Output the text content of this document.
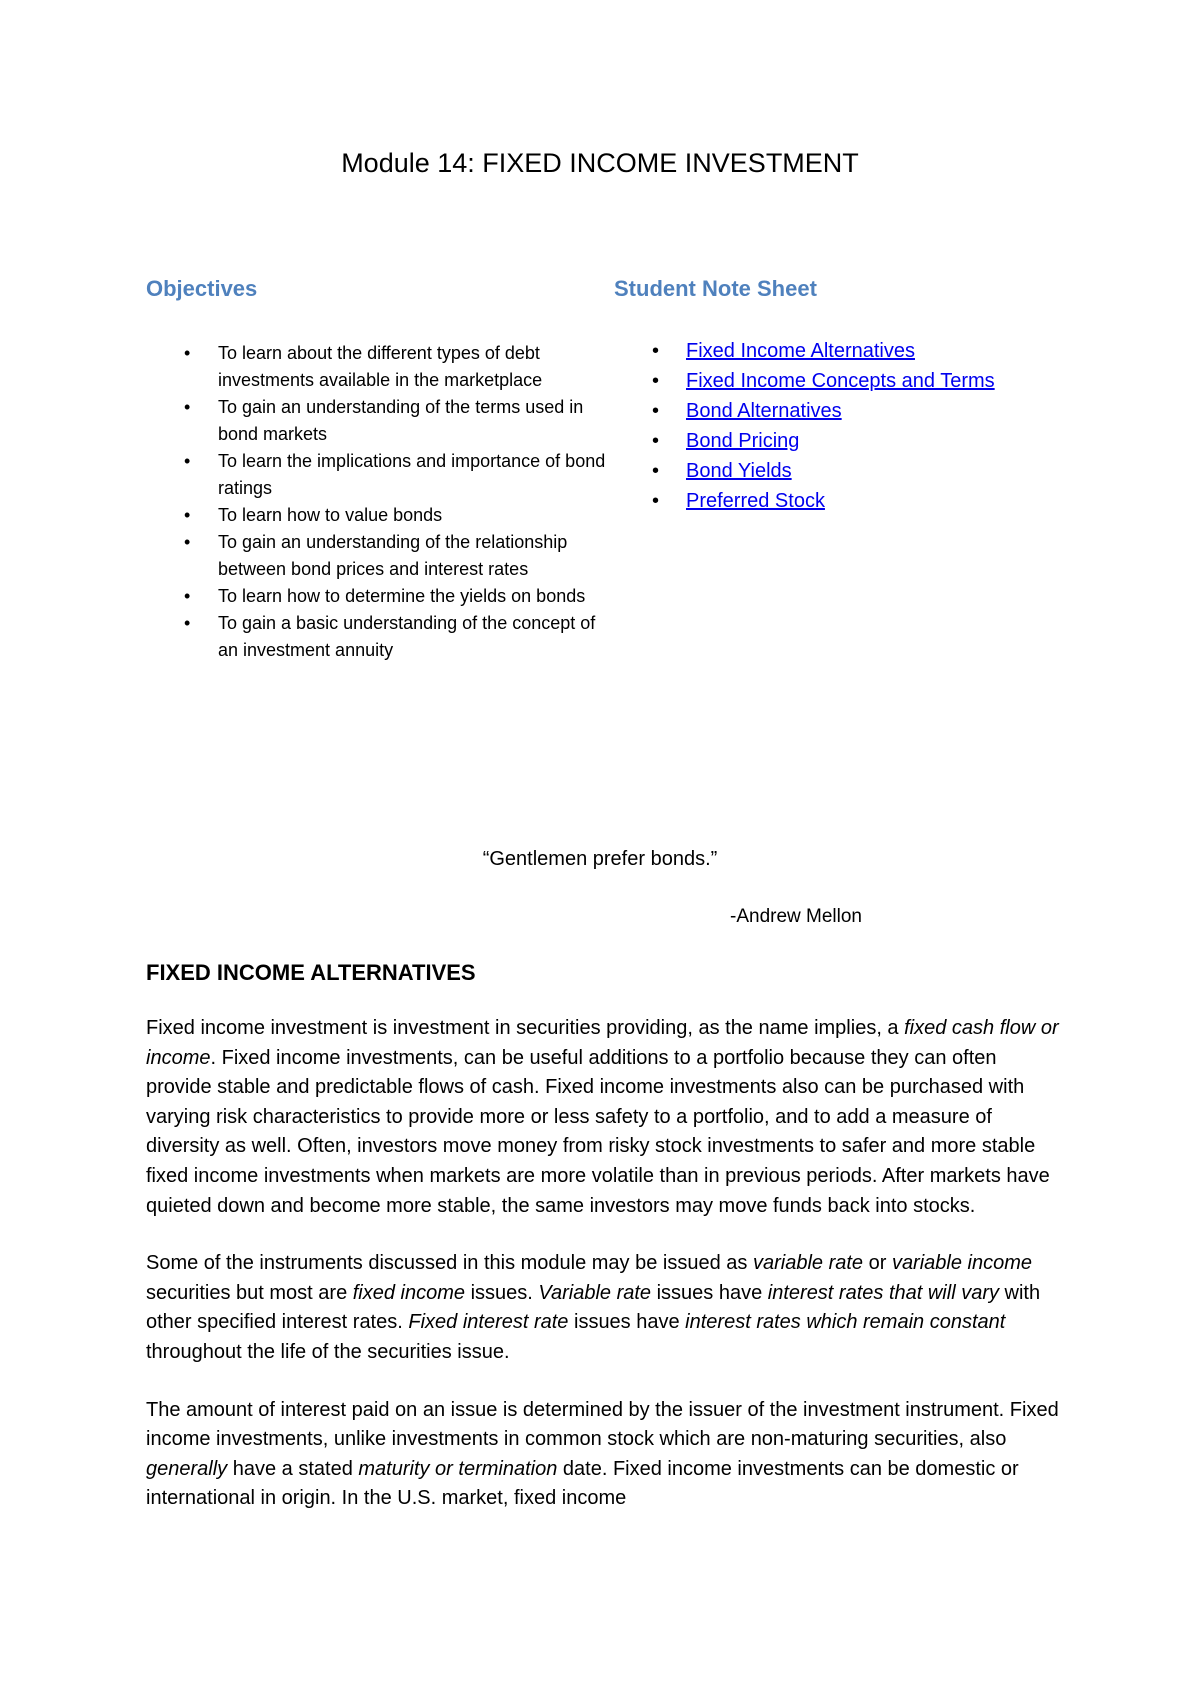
Module 14: FIXED INCOME INVESTMENT
Objectives
• To learn about the different types of debt investments available in the marketplace
• To gain an understanding of the terms used in bond markets
• To learn the implications and importance of bond ratings
• To learn how to value bonds
• To gain an understanding of the relationship between bond prices and interest rates
• To learn how to determine the yields on bonds
• To gain a basic understanding of the concept of an investment annuity
Student Note Sheet
• Fixed Income Alternatives
• Fixed Income Concepts and Terms
• Bond Alternatives
• Bond Pricing
• Bond Yields
• Preferred Stock

“Gentlemen prefer bonds.”

-Andrew Mellon

FIXED INCOME ALTERNATIVES

Fixed income investment is investment in securities providing, as the name implies, a fixed cash flow or income. Fixed income investments, can be useful additions to a portfolio because they can often provide stable and predictable flows of cash. Fixed income investments also can be purchased with varying risk characteristics to provide more or less safety to a portfolio, and to add a measure of diversity as well. Often, investors move money from risky stock investments to safer and more stable fixed income investments when markets are more volatile than in previous periods. After markets have quieted down and become more stable, the same investors may move funds back into stocks.

Some of the instruments discussed in this module may be issued as variable rate or variable income securities but most are fixed income issues. Variable rate issues have interest rates that will vary with other specified interest rates. Fixed interest rate issues have interest rates which remain constant throughout the life of the securities issue.

The amount of interest paid on an issue is determined by the issuer of the investment instrument. Fixed income investments, unlike investments in common stock which are non-maturing securities, also generally have a stated maturity or termination date. Fixed income investments can be domestic or international in origin. In the U.S. market, fixed income
